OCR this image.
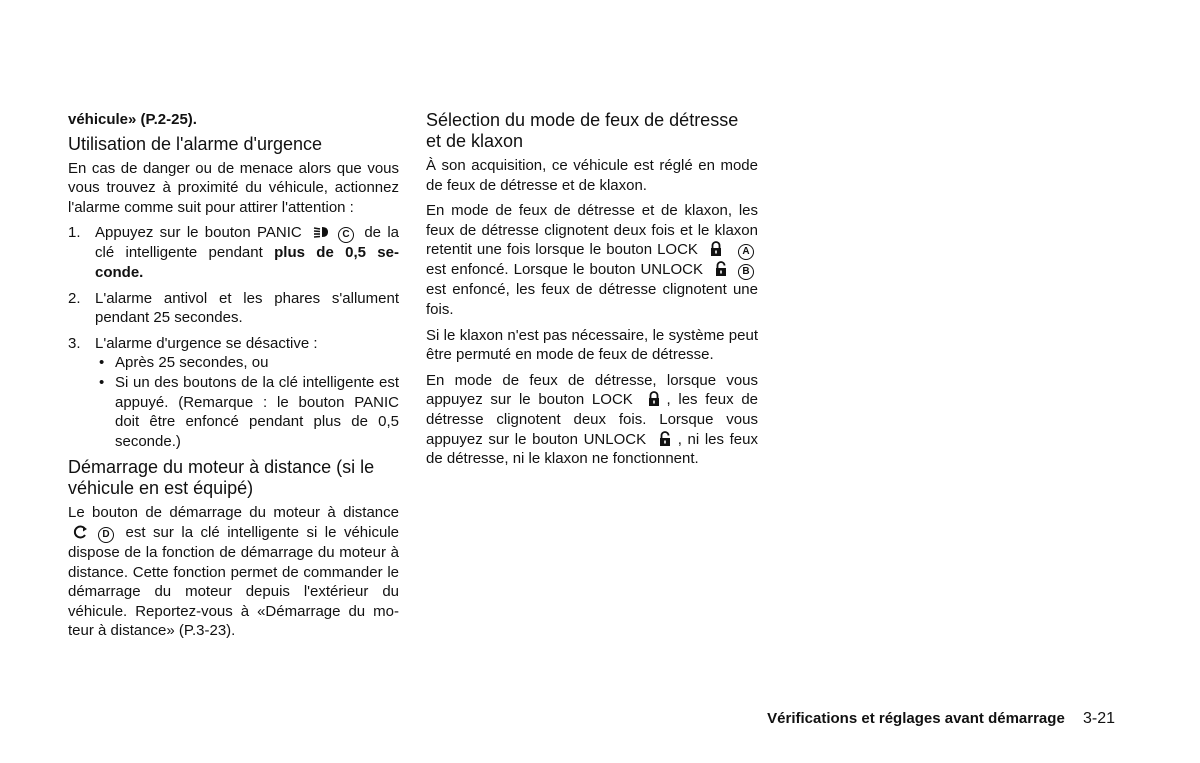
véhicule» (P.2-25).

Utilisation de l'alarme d'urgence

En cas de danger ou de menace alors que vous vous trouvez à proximité du véhicule, actionnez l'alarme comme suit pour attirer l'attention :

1. Appuyez sur le bouton PANIC	C de la clé intelligente pendant plus de 0,5 seconde.
2. L'alarme antivol et les phares s'allument pendant 25 secondes.
3. L'alarme d'urgence se désactive :
• Après 25 secondes, ou
• Si un des boutons de la clé intelligente est appuyé. (Remarque : le bouton PANIC doit être enfoncé pendant plus de 0,5 seconde.)
Démarrage du moteur à distance (si le véhicule en est équipé)

Le bouton de démarrage du moteur à distance D est sur la clé intelligente si le véhicule dispose de la fonction de démarrage du moteur à distance. Cette fonction permet de commander le démarrage du moteur depuis l'extérieur du véhicule. Reportez-vous à «Démarrage du moteur à distance» (P.3-23).

Sélection du mode de feux de détresse et de klaxon

À son acquisition, ce véhicule est réglé en mode de feux de détresse et de klaxon.

En mode de feux de détresse et de klaxon, les feux de détresse clignotent deux fois et le klaxon retentit une fois lorsque le bouton LOCK	A est enfoncé. Lorsque le bouton UNLOCK	B est enfoncé, les feux de détresse clignotent une fois.

Si le klaxon n'est pas nécessaire, le système peut être permuté en mode de feux de détresse.

En mode de feux de détresse, lorsque vous appuyez sur le bouton LOCK , les feux de détresse clignotent deux fois. Lorsque vous appuyez sur le bouton UNLOCK , ni les feux de détresse, ni le klaxon ne fonctionnent.

Vérifications et réglages avant démarrage 3-21
